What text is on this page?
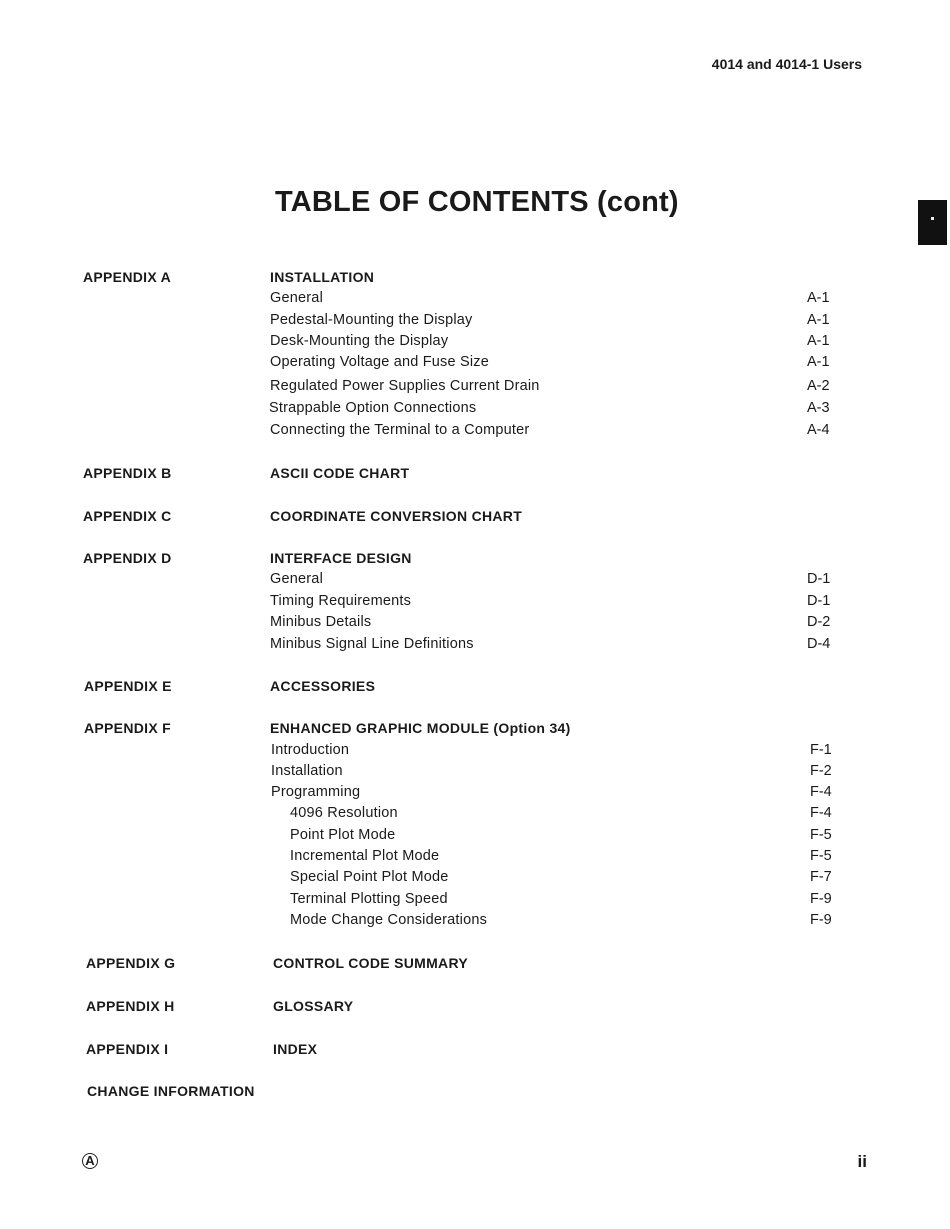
4014 and 4014-1 Users
TABLE OF CONTENTS (cont)
APPENDIX A	INSTALLATION
General	A-1
Pedestal-Mounting the Display	A-1
Desk-Mounting the Display	A-1
Operating Voltage and Fuse Size	A-1
Regulated Power Supplies Current Drain	A-2
Strappable Option Connections	A-3
Connecting the Terminal to a Computer	A-4
APPENDIX B	ASCII CODE CHART
APPENDIX C	COORDINATE CONVERSION CHART
APPENDIX D	INTERFACE DESIGN
General	D-1
Timing Requirements	D-1
Minibus Details	D-2
Minibus Signal Line Definitions	D-4
APPENDIX E	ACCESSORIES
APPENDIX F	ENHANCED GRAPHIC MODULE (Option 34)
Introduction	F-1
Installation	F-2
Programming	F-4
4096 Resolution	F-4
Point Plot Mode	F-5
Incremental Plot Mode	F-5
Special Point Plot Mode	F-7
Terminal Plotting Speed	F-9
Mode Change Considerations	F-9
APPENDIX G	CONTROL CODE SUMMARY
APPENDIX H	GLOSSARY
APPENDIX I	INDEX
CHANGE INFORMATION
A	ii
